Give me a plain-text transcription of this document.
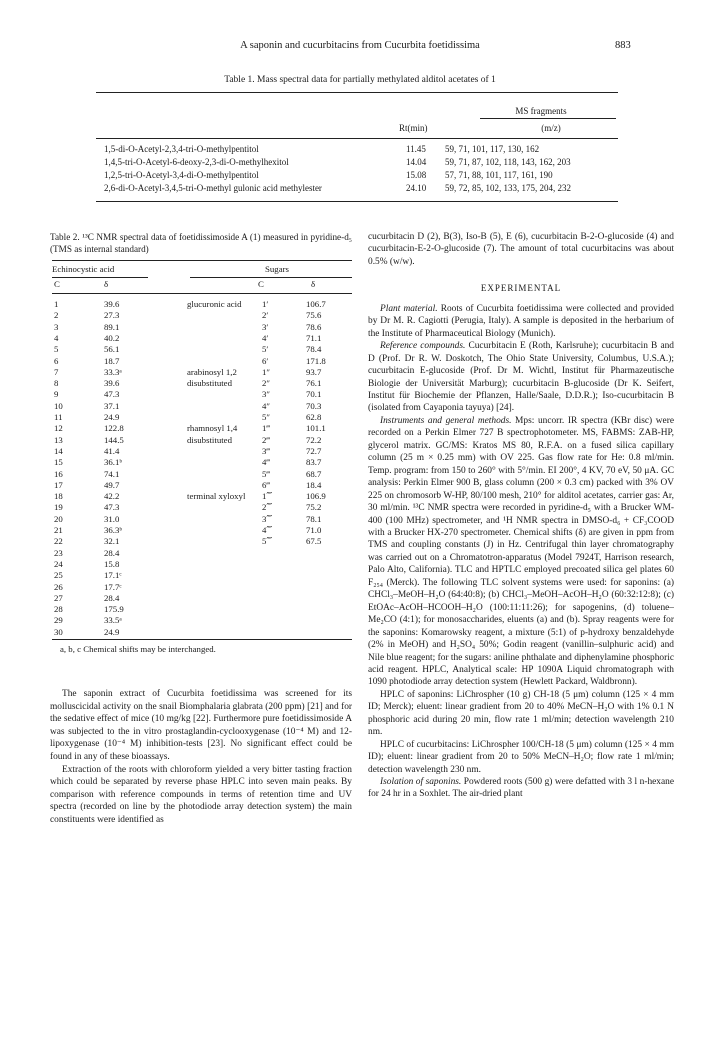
A saponin and cucurbitacins from Cucurbita foetidissima	883
Table 1. Mass spectral data for partially methylated alditol acetates of 1
MS fragments
Rt(min)	(m/z)
1,5-di-O-Acetyl-2,3,4-tri-O-methylpentitol	11.45 59, 71, 101, 117, 130, 162
1,4,5-tri-O-Acetyl-6-deoxy-2,3-di-O-methylhexitol	14.04 59, 71, 87, 102, 118, 143, 162, 203
1,2,5-tri-O-Acetyl-3,4-di-O-methylpentitol	15.08 57, 71, 88, 101, 117, 161, 190
2,6-di-O-Acetyl-3,4,5-tri-O-methyl gulonic acid methylester	24.10 59, 72, 85, 102, 133, 175, 204, 232
Table 2. ¹³C NMR spectral data of foetidissimoside A (1) measured in pyridine-d₅ (TMS as internal standard)
Echinocystic acid	Sugars
C	δ	C	δ
1	39.6	glucuronic acid 1′	106.7
2	27.3	2′	75.6
3	89.1	3′	78.6
4	40.2	4′	71.1
5	56.1	5′	78.4
6	18.7	6′	171.8
7	33.3ᵃ	arabinosyl 1,2	1″	93.7
8	39.6	disubstituted	2″	76.1
9	47.3	3″	70.1
10	37.1	4″	70.3
11	24.9	5″	62.8
12	122.8	rhamnosyl 1,4	1‴	101.1
13	144.5	disubstituted	2‴	72.2
14	41.4	3‴	72.7
15	36.1ᵇ	4‴	83.7
16	74.1	5‴	68.7
17	49.7	6‴	18.4
18	42.2	terminal xyloxyl 1⁗	106.9
19	47.3	2⁗	75.2
20	31.0	3⁗	78.1
21	36.3ᵇ	4⁗	71.0
22	32.1	5⁗	67.5
23	28.4
24	15.8
25	17.1ᶜ
26	17.7ᶜ
27	28.4
28	175.9
29	33.5ᵃ
30	24.9
a, b, c Chemical shifts may be interchanged.

The saponin extract of Cucurbita foetidissima was screened for its molluscicidal activity on the snail Biomphalaria glabrata (200 ppm) [21] and for the sedative effect of mice (10 mg/kg [22]. Furthermore pure foetidissimoside A was subjected to the in vitro prostaglandin-cyclooxygenase (10⁻⁴ M) and 12-lipoxygenase (10⁻⁴ M) inhibition-tests [23]. No significant effect could be found in any of these bioassays.

Extraction of the roots with chloroform yielded a very bitter tasting fraction which could be separated by reverse phase HPLC into seven main peaks. By comparison with reference compounds in terms of retention time and UV spectra (recorded on line by the photodiode array detection system) the main constituents were identified as

cucurbitacin D (2), B(3), Iso-B (5), E (6), cucurbitacin B-2-O-glucoside (4) and cucurbitacin-E-2-O-glucoside (7). The amount of total cucurbitacins was about 0.5% (w/w).

EXPERIMENTAL

Plant material. Roots of Cucurbita foetidissima were collected and provided by Dr M. R. Cagiotti (Perugia, Italy). A sample is deposited in the herbarium of the Institute of Pharmaceutical Biology (Munich).

Reference compounds. Cucurbitacin E (Roth, Karlsruhe); cucurbitacin B and D (Prof. Dr R. W. Doskotch, The Ohio State University, Columbus, U.S.A.); cucurbitacin E-glucoside (Prof. Dr M. Wichtl, Institut für Pharmazeutische Biologie der Universität Marburg); cucurbitacin B-glucoside (Dr K. Seifert, Institut für Biochemie der Pflanzen, Halle/Saale, D.D.R.); Iso-cucurbitacin B (isolated from Cayaponia tayuya) [24].

Instruments and general methods. Mps: uncorr. IR spectra (KBr disc) were recorded on a Perkin Elmer 727 B spectrophotometer. MS, FABMS: ZAB-HP, glycerol matrix. GC/MS: Kratos MS 80, R.F.A. on a fused silica capillary column (25 m × 0.25 mm) with OV 225. Gas flow rate for He: 0.8 ml/min. Temp. program: from 150 to 260° with 5°/min. EI 200°, 4 KV, 70 eV, 50 μA. GC analysis: Perkin Elmer 900 B, glass column (200 × 0.3 cm) packed with 3% OV 225 on chromosorb W-HP, 80/100 mesh, 210° for alditol acetates, carrier gas: Ar, 30 ml/min. ¹³C NMR spectra were recorded in pyridine-d₅ with a Brucker WM-400 (100 MHz) spectrometer, and ¹H NMR spectra in DMSO-d₆ + CF₃COOD with a Brucker HX-270 spectrometer. Chemical shifts (δ) are given in ppm from TMS and coupling constants (J) in Hz. Centrifugal thin layer chromatography was carried out on a Chromatotron-apparatus (Model 7924T, Harrison research, Palo Alto, California). TLC and HPTLC employed precoated silica gel plates 60 F₂₅₄ (Merck). The following TLC solvent systems were used: for saponins: (a) CHCl₃–MeOH–H₂O (64:40:8); (b) CHCl₃–MeOH–AcOH–H₂O (60:32:12:8); (c) EtOAc–AcOH–HCOOH–H₂O (100:11:11:26); for sapogenins, (d) toluene–Me₂CO (4:1); for monosaccharides, eluents (a) and (b). Spray reagents were for the saponins: Komarowsky reagent, a mixture (5:1) of p-hydroxy benzaldehyde (2% in MeOH) and H₂SO₄ 50%; Godin reagent (vanillin–sulphuric acid) and Nile blue reagent; for the sugars: aniline phthalate and diphenylamine phosphoric acid reagent. HPLC, Analytical scale: HP 1090A Liquid chromatograph with 1090 photodiode array detection system (Hewlett Packard, Waldbronn).

HPLC of saponins: LiChrospher (10 g) CH-18 (5 μm) column (125 × 4 mm ID; Merck); eluent: linear gradient from 20 to 40% MeCN–H₂O with 1% 0.1 N phosphoric acid during 20 min, flow rate 1 ml/min; detection wavelength 210 nm.

HPLC of cucurbitacins: LiChrospher 100/CH-18 (5 μm) column (125 × 4 mm ID); eluent: linear gradient from 20 to 50% MeCN–H₂O; flow rate 1 ml/min; detection wavelength 230 nm.

Isolation of saponins. Powdered roots (500 g) were defatted with 3 l n-hexane for 24 hr in a Soxhlet. The air-dried plant
